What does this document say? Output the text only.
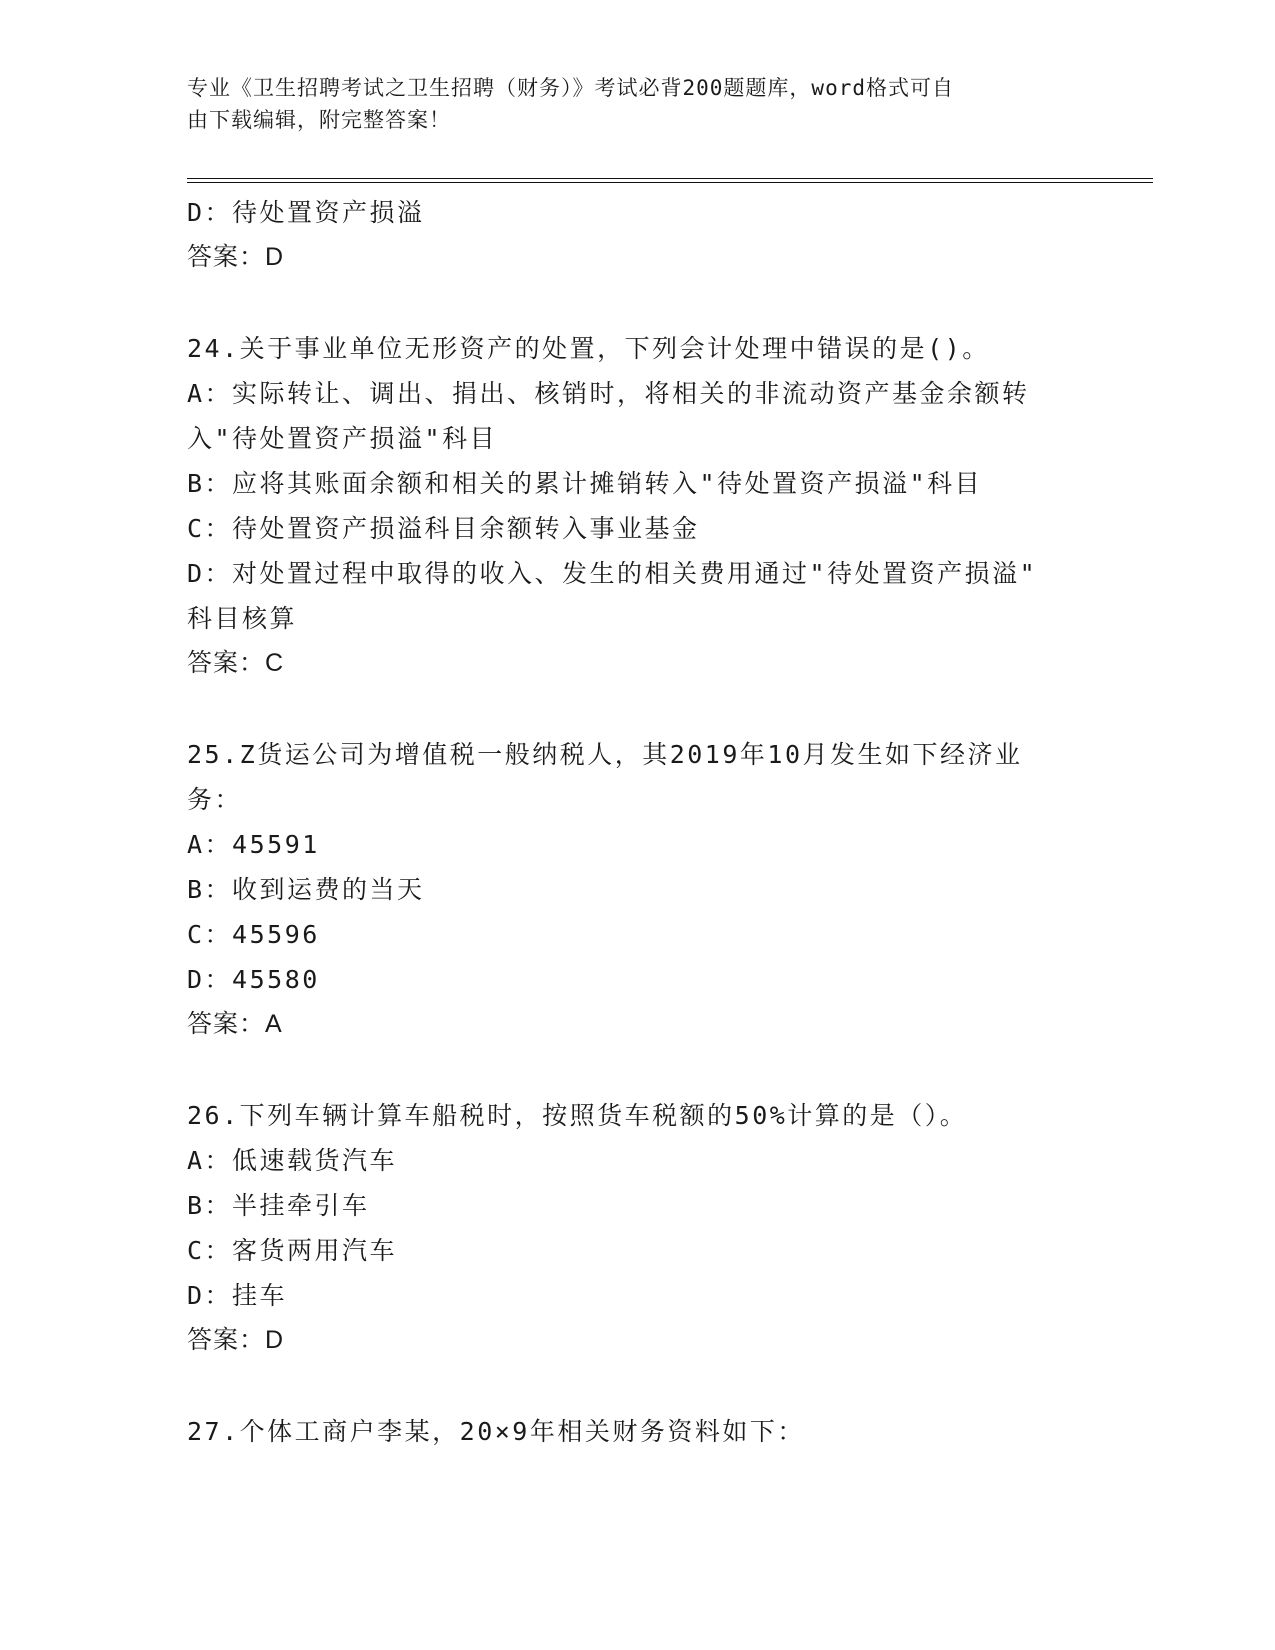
专业《卫生招聘考试之卫生招聘（财务）》考试必背200题题库，word格式可自
由下载编辑，附完整答案！
D：待处置资产损溢
答案：D
24.关于事业单位无形资产的处置，下列会计处理中错误的是()。
A：实际转让、调出、捐出、核销时，将相关的非流动资产基金余额转
入"待处置资产损溢"科目
B：应将其账面余额和相关的累计摊销转入"待处置资产损溢"科目
C：待处置资产损溢科目余额转入事业基金
D：对处置过程中取得的收入、发生的相关费用通过"待处置资产损溢"
科目核算
答案：C
25.Z货运公司为增值税一般纳税人，其2019年10月发生如下经济业
务：
A：45591
B：收到运费的当天
C：45596
D：45580
答案：A
26.下列车辆计算车船税时，按照货车税额的50%计算的是（）。
A：低速载货汽车
B：半挂牵引车
C：客货两用汽车
D：挂车
答案：D
27.个体工商户李某，20×9年相关财务资料如下：
